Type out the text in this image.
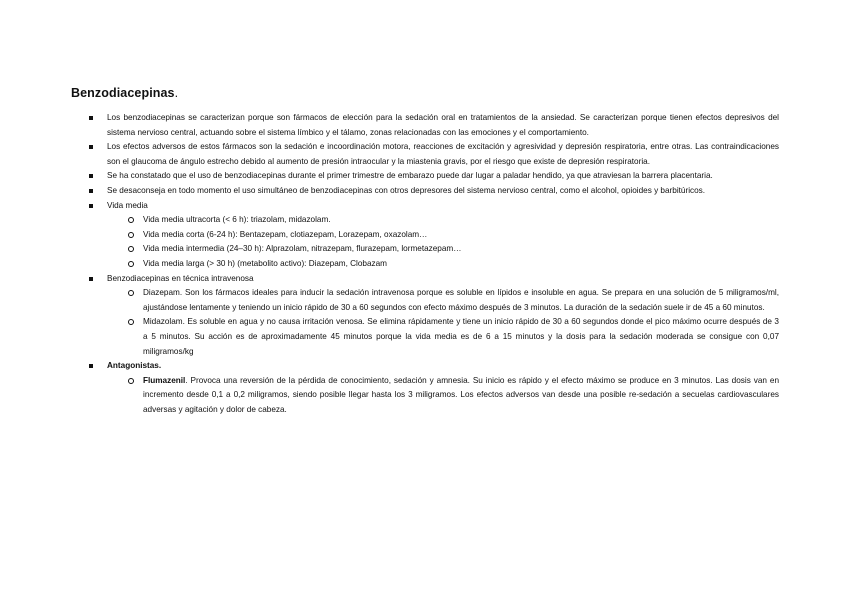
Benzodiacepinas.
Los benzodiacepinas se caracterizan porque son fármacos de elección para la sedación oral en tratamientos de la ansiedad. Se caracterizan porque tienen efectos depresivos del sistema nervioso central, actuando sobre el sistema límbico y el tálamo, zonas relacionadas con las emociones y el comportamiento.
Los efectos adversos de estos fármacos son la sedación e incoordinación motora, reacciones de excitación y agresividad y depresión respiratoria, entre otras. Las contraindicaciones son el glaucoma de ángulo estrecho debido al aumento de presión intraocular y la miastenia gravis, por el riesgo que existe de depresión respiratoria.
Se ha constatado que el uso de benzodiacepinas durante el primer trimestre de embarazo puede dar lugar a paladar hendido, ya que atraviesan la barrera placentaria.
Se desaconseja en todo momento el uso simultáneo de benzodiacepinas con otros depresores del sistema nervioso central, como el alcohol, opioides y barbitúricos.
Vida media
Vida media ultracorta (< 6 h): triazolam, midazolam.
Vida media corta (6-24 h): Bentazepam, clotiazepam, Lorazepam, oxazolam…
Vida media intermedia (24–30 h): Alprazolam, nitrazepam, flurazepam, lormetazepam…
Vida media larga (> 30 h) (metabolito activo): Diazepam, Clobazam
Benzodiacepinas en técnica intravenosa
Diazepam. Son los fármacos ideales para inducir la sedación intravenosa porque es soluble en lípidos e insoluble en agua. Se prepara en una solución de 5 miligramos/ml, ajustándose lentamente y teniendo un inicio rápido de 30 a 60 segundos con efecto máximo después de 3 minutos. La duración de la sedación suele ir de 45 a 60 minutos.
Midazolam. Es soluble en agua y no causa irritación venosa. Se elimina rápidamente y tiene un inicio rápido de 30 a 60 segundos donde el pico máximo ocurre después de 3 a 5 minutos. Su acción es de aproximadamente 45 minutos porque la vida media es de 6 a 15 minutos y la dosis para la sedación moderada se consigue con 0,07 miligramos/kg
Antagonistas.
Flumazenil. Provoca una reversión de la pérdida de conocimiento, sedación y amnesia. Su inicio es rápido y el efecto máximo se produce en 3 minutos. Las dosis van en incremento desde 0,1 a 0,2 miligramos, siendo posible llegar hasta los 3 miligramos. Los efectos adversos van desde una posible re-sedación a secuelas cardiovasculares adversas y agitación y dolor de cabeza.
